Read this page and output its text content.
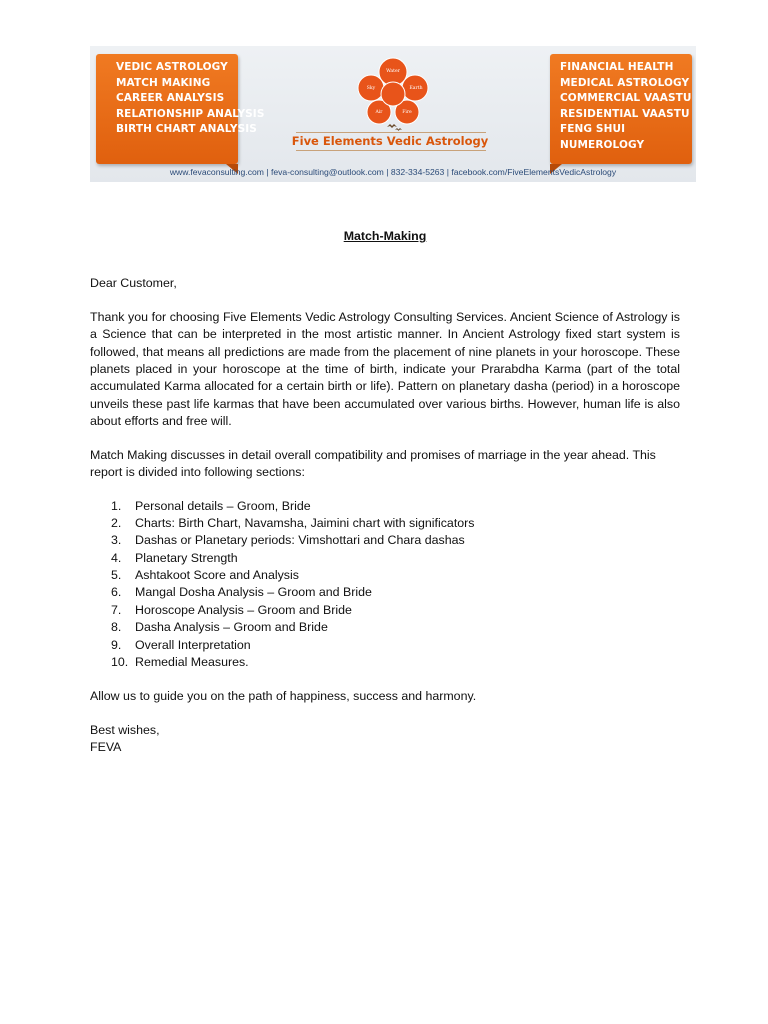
VEDIC ASTROLOGY
MATCH MAKING
CAREER ANALYSIS
RELATIONSHIP ANALYSIS
BIRTH CHART ANALYSIS
Water
Earth
Fire
Air
Sky
Five Elements Vedic Astrology
FINANCIAL HEALTH
MEDICAL ASTROLOGY
COMMERCIAL VAASTU
RESIDENTIAL VAASTU
FENG SHUI
NUMEROLOGY
www.fevaconsulting.com | feva-consulting@outlook.com | 832-334-5263 | facebook.com/FiveElementsVedicAstrology
Match-Making

Dear Customer,

Thank you for choosing Five Elements Vedic Astrology Consulting Services. Ancient Science of Astrology is a Science that can be interpreted in the most artistic manner. In Ancient Astrology fixed start system is followed, that means all predictions are made from the placement of nine planets in your horoscope. These planets placed in your horoscope at the time of birth, indicate your Prarabdha Karma (part of the total accumulated Karma allocated for a certain birth or life). Pattern on planetary dasha (period) in a horoscope unveils these past life karmas that have been accumulated over various births. However, human life is also about efforts and free will.

Match Making discusses in detail overall compatibility and promises of marriage in the year ahead. This report is divided into following sections:

1.	Personal details – Groom, Bride
2.	Charts: Birth Chart, Navamsha, Jaimini chart with significators
3.	Dashas or Planetary periods: Vimshottari and Chara dashas
4.	Planetary Strength
5.	Ashtakoot Score and Analysis
6.	Mangal Dosha Analysis – Groom and Bride
7.	Horoscope Analysis – Groom and Bride
8.	Dasha Analysis – Groom and Bride
9.	Overall Interpretation
10. Remedial Measures.

Allow us to guide you on the path of happiness, success and harmony.

Best wishes,

FEVA
